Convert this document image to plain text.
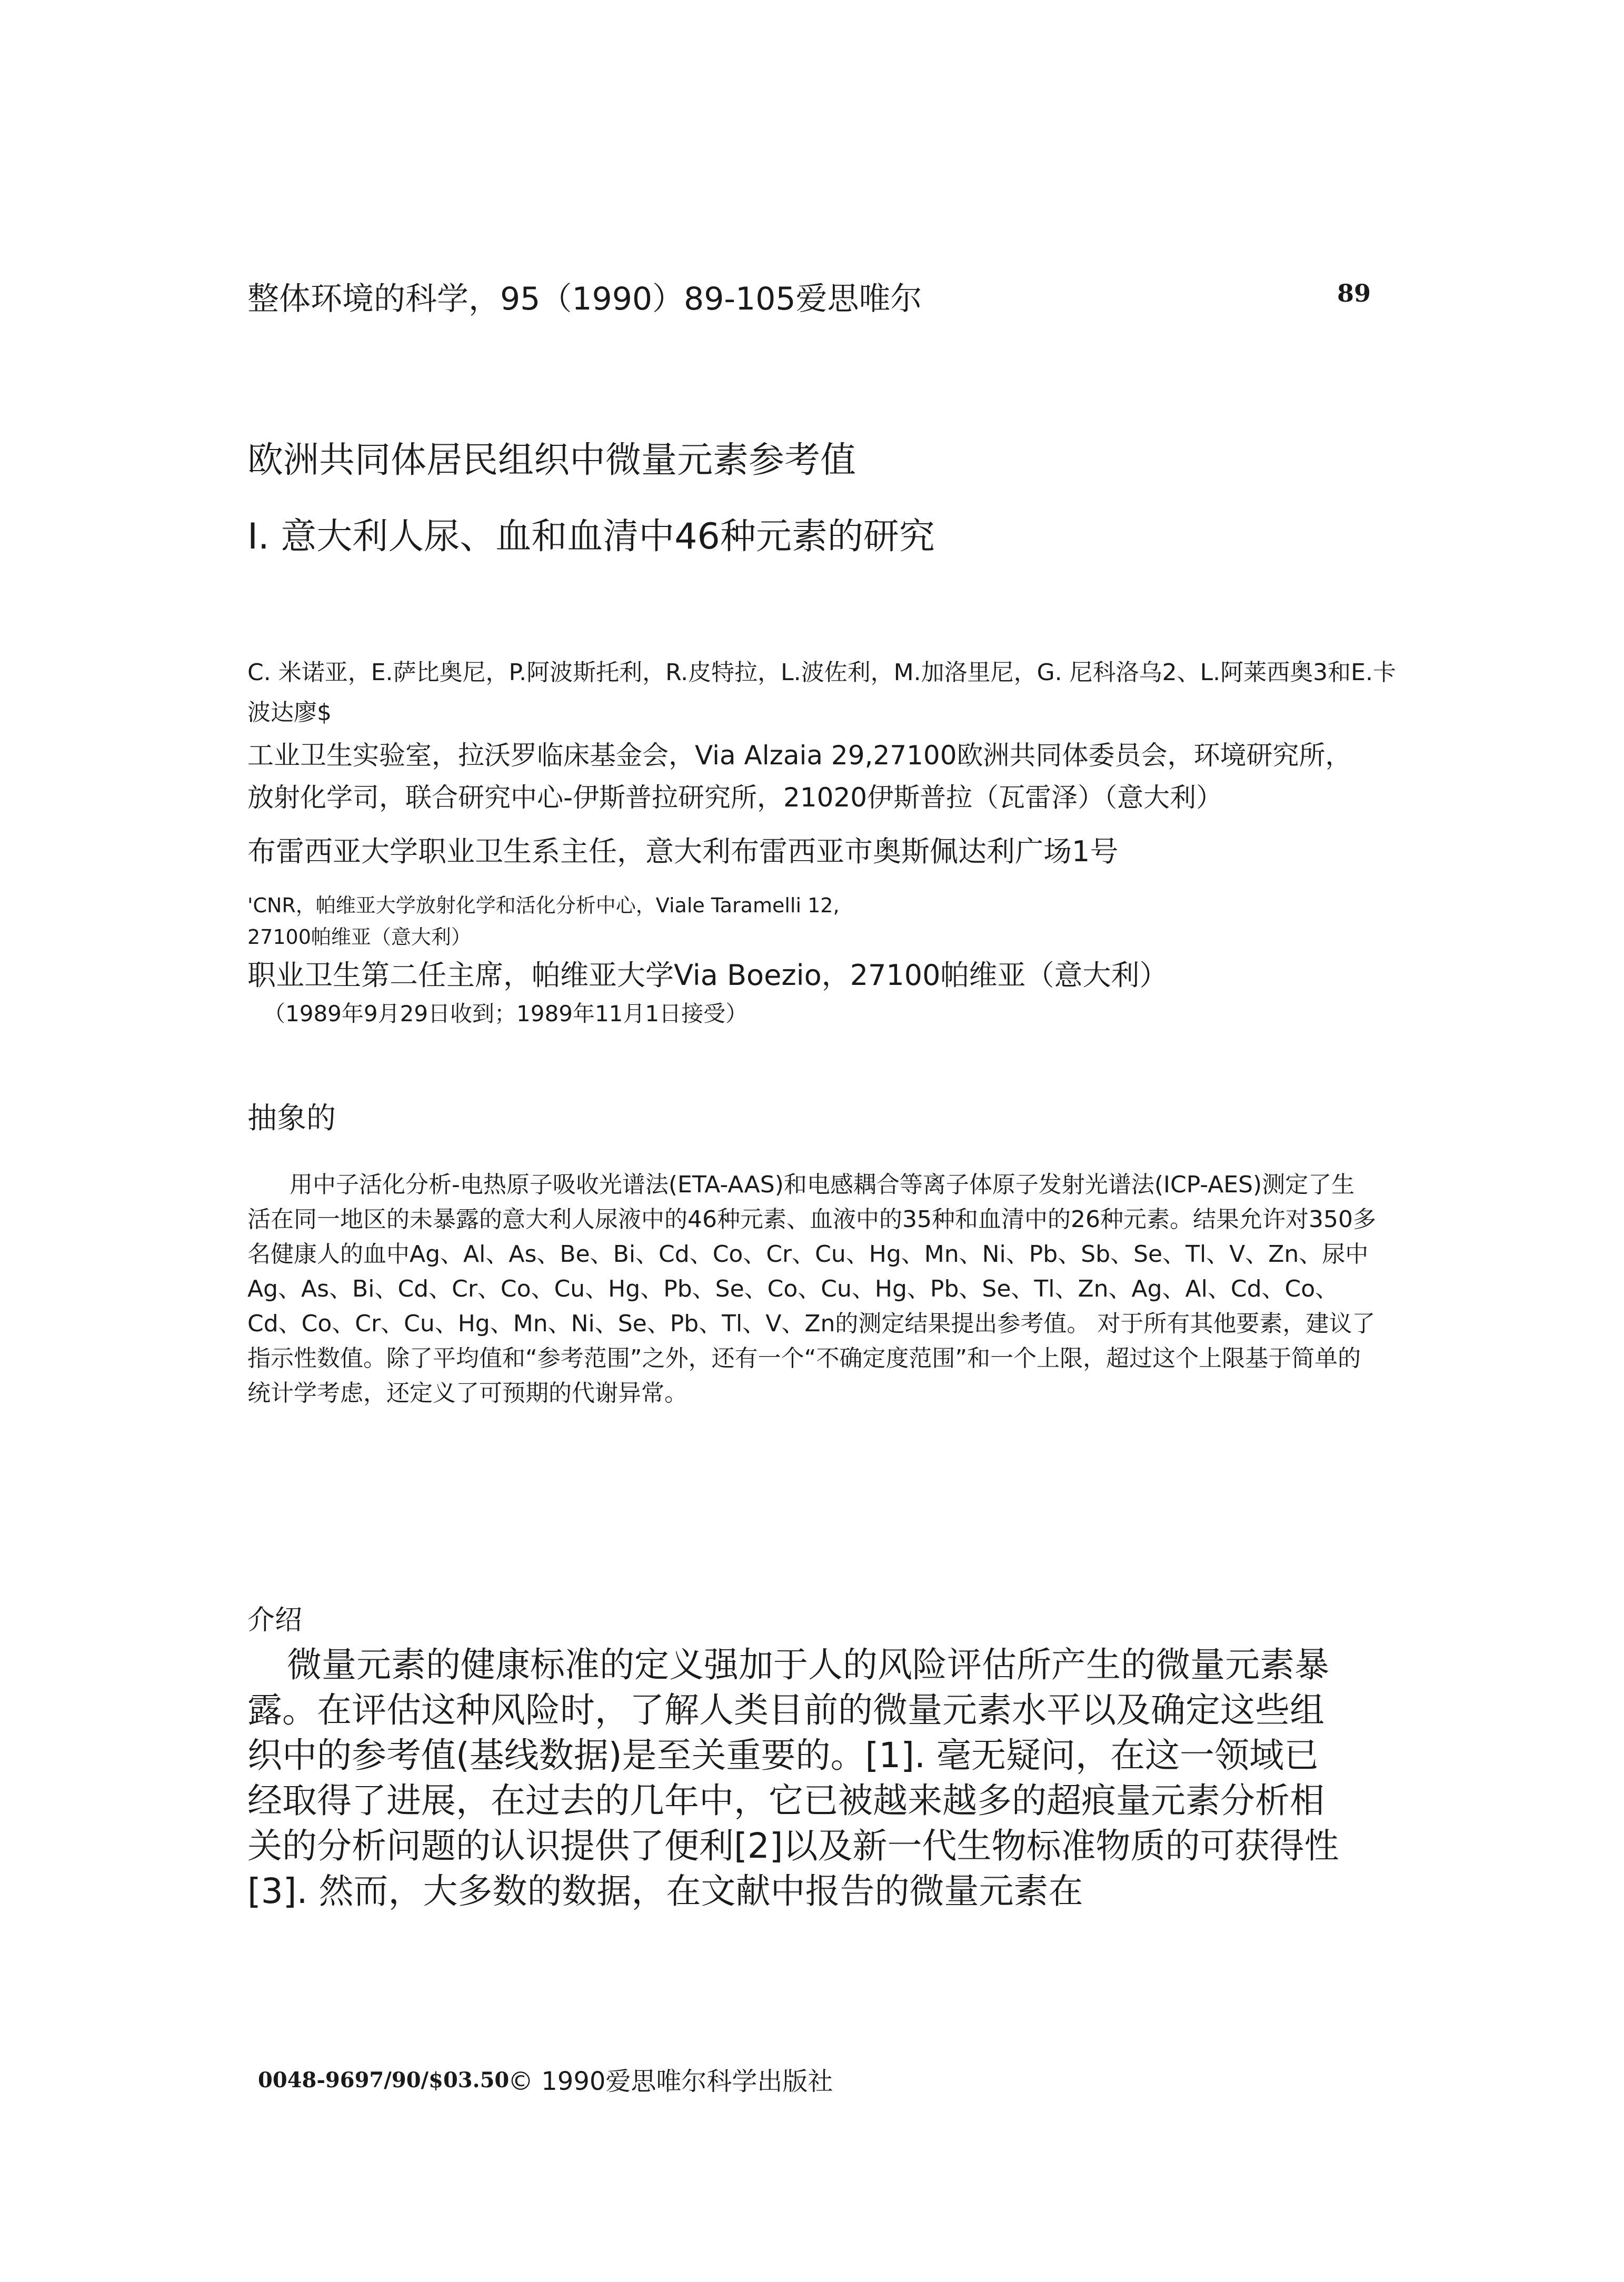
整体环境的科学，95（1990）89-105爱思唯尔	89
欧洲共同体居民组织中微量元素参考值
I. 意大利人尿、血和血清中46种元素的研究
C. 米诺亚，E.萨比奥尼，P.阿波斯托利，R.皮特拉，L.波佐利，M.加洛里尼，G. 尼科洛乌2、L.阿莱西奥3和E.卡波达廖$
工业卫生实验室，拉沃罗临床基金会，Via Alzaia 29,27100欧洲共同体委员会，环境研究所，放射化学司，联合研究中心-伊斯普拉研究所，21020伊斯普拉（瓦雷泽）（意大利）
布雷西亚大学职业卫生系主任，意大利布雷西亚市奥斯佩达利广场1号
'CNR，帕维亚大学放射化学和活化分析中心，Viale Taramelli 12, 27100帕维亚（意大利）
职业卫生第二任主席，帕维亚大学Via Boezio，27100帕维亚（意大利）
（1989年9月29日收到；1989年11月1日接受）
抽象的
用中子活化分析-电热原子吸收光谱法(ETA-AAS)和电感耦合等离子体原子发射光谱法(ICP-AES)测定了生活在同一地区的未暴露的意大利人尿液中的46种元素、血液中的35种和血清中的26种元素。结果允许对350多名健康人的血中Ag、Al、As、Be、Bi、Cd、Co、Cr、Cu、Hg、Mn、Ni、Pb、Sb、Se、Tl、V、Zn、尿中Ag、As、Bi、Cd、Cr、Co、Cu、Hg、Pb、Se、Co、Cu、Hg、Pb、Se、Tl、Zn、Ag、Al、Cd、Co、Cd、Co、Cr、Cu、Hg、Mn、Ni、Se、Pb、Tl、V、Zn的测定结果提出参考值。 对于所有其他要素，建议了指示性数值。除了平均值和“参考范围”之外，还有一个“不确定度范围”和一个上限，超过这个上限基于简单的统计学考虑，还定义了可预期的代谢异常。
介绍
微量元素的健康标准的定义强加于人的风险评估所产生的微量元素暴露。在评估这种风险时，了解人类目前的微量元素水平以及确定这些组织中的参考值(基线数据)是至关重要的。[1]. 毫无疑问，在这一领域已经取得了进展，在过去的几年中，它已被越来越多的超痕量元素分析相关的分析问题的认识提供了便利[2]以及新一代生物标准物质的可获得性[3]. 然而，大多数的数据，在文献中报告的微量元素在
0048-9697/90/$03.50
© 1990爱思唯尔科学出版社
